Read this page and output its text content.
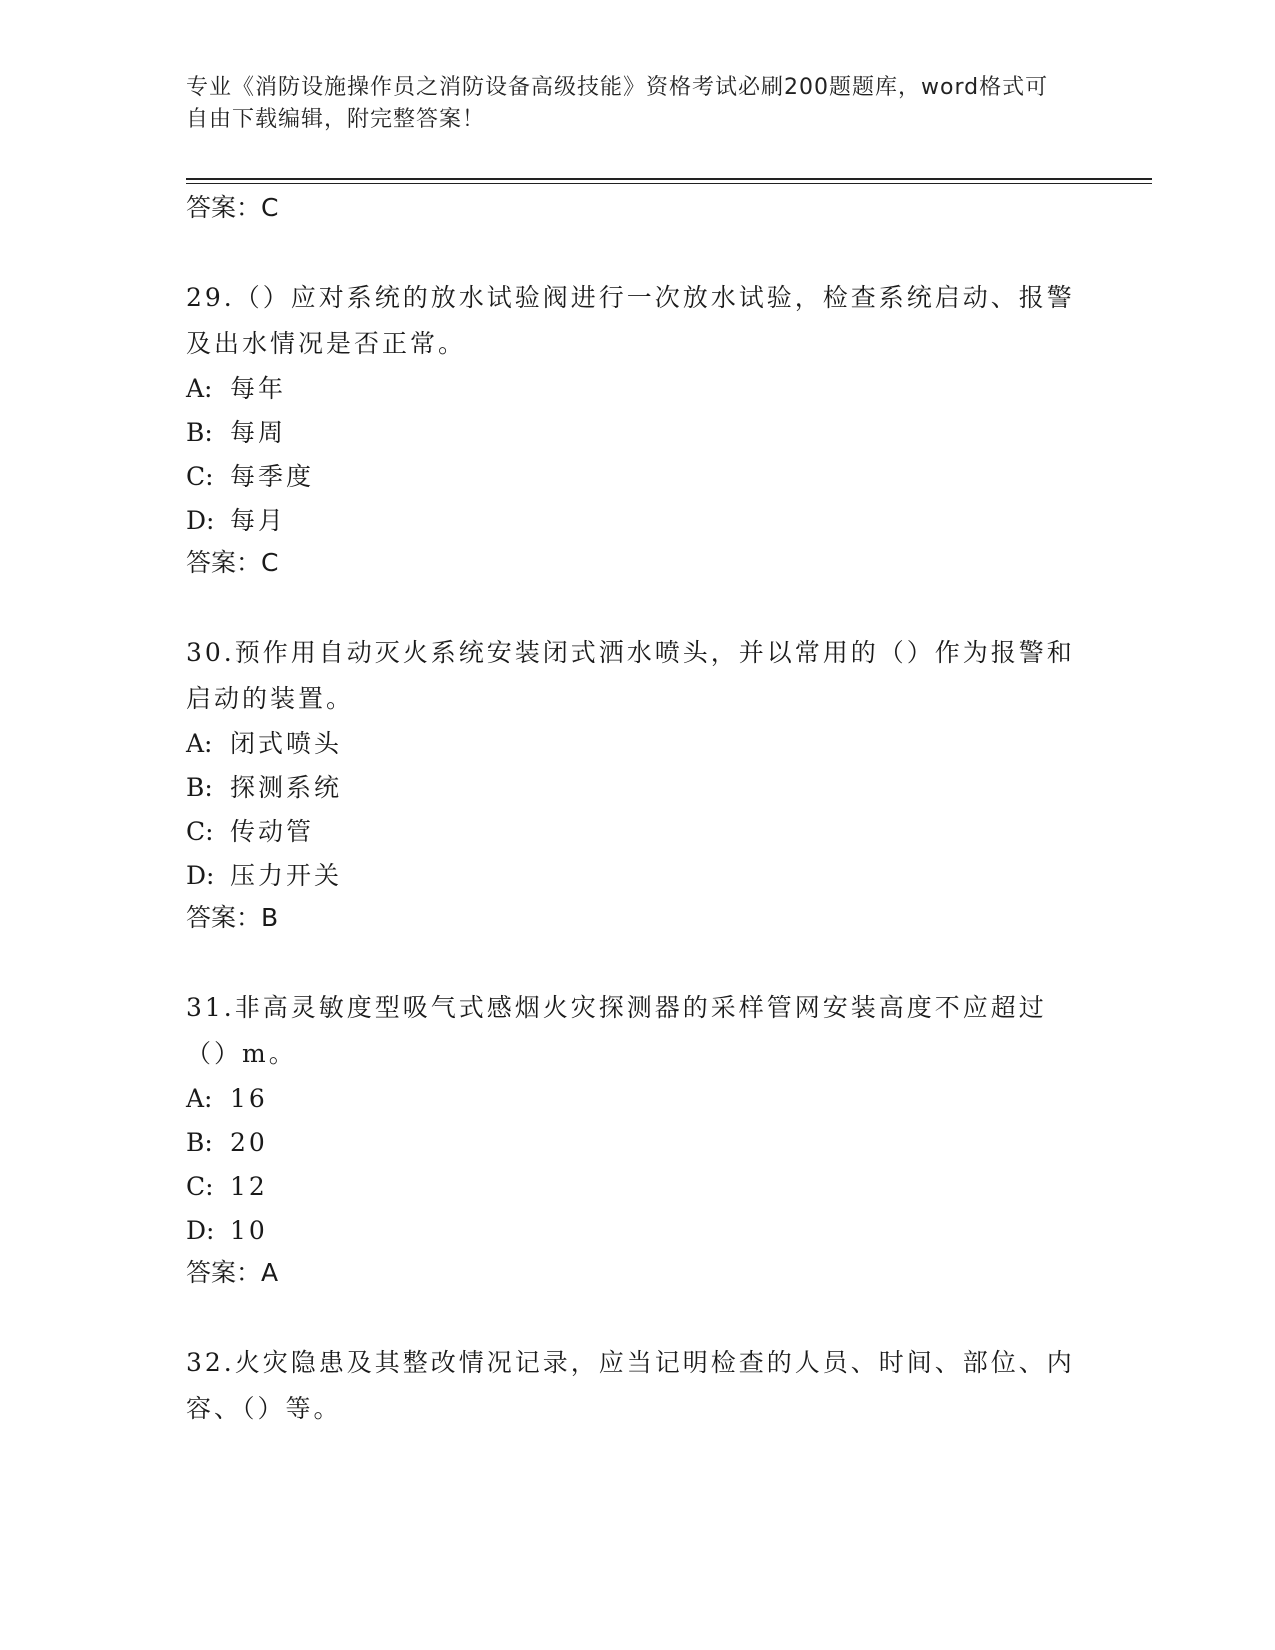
专业《消防设施操作员之消防设备高级技能》资格考试必刷200题题库，word格式可自由下载编辑，附完整答案！
答案：C
29.（）应对系统的放水试验阀进行一次放水试验，检查系统启动、报警及出水情况是否正常。
A: 每年
B: 每周
C: 每季度
D: 每月
答案：C
30.预作用自动灭火系统安装闭式洒水喷头，并以常用的（）作为报警和启动的装置。
A: 闭式喷头
B: 探测系统
C: 传动管
D: 压力开关
答案：B
31.非高灵敏度型吸气式感烟火灾探测器的采样管网安装高度不应超过（）m。
A: 16
B: 20
C: 12
D: 10
答案：A
32.火灾隐患及其整改情况记录，应当记明检查的人员、时间、部位、内容、（）等。
